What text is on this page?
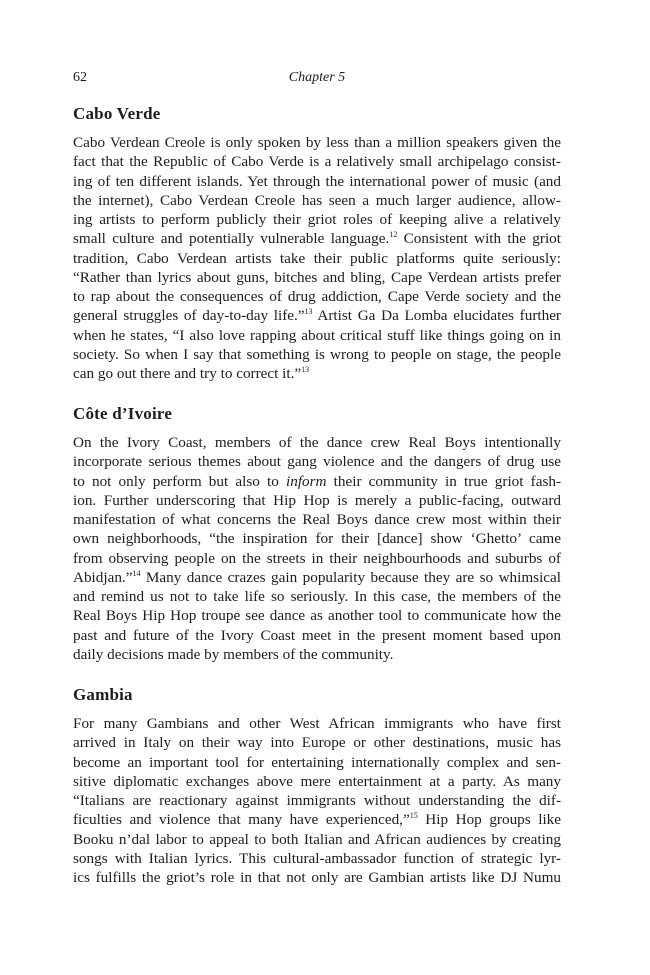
62	Chapter 5
Cabo Verde
Cabo Verdean Creole is only spoken by less than a million speakers given the
fact that the Republic of Cabo Verde is a relatively small archipelago consist-
ing of ten different islands. Yet through the international power of music (and
the internet), Cabo Verdean Creole has seen a much larger audience, allow-
ing artists to perform publicly their griot roles of keeping alive a relatively
small culture and potentially vulnerable language.$^{12}$ Consistent with the griot
tradition, Cabo Verdean artists take their public platforms quite seriously:
“Rather than lyrics about guns, bitches and bling, Cape Verdean artists prefer
to rap about the consequences of drug addiction, Cape Verde society and the
general struggles of day-to-day life.”$^{13}$ Artist Ga Da Lomba elucidates further
when he states, “I also love rapping about critical stuff like things going on in
society. So when I say that something is wrong to people on stage, the people
can go out there and try to correct it.”$^{13}$
Côte d’Ivoire
On the Ivory Coast, members of the dance crew Real Boys intentionally
incorporate serious themes about gang violence and the dangers of drug use
to not only perform but also to inform their community in true griot fash-
ion. Further underscoring that Hip Hop is merely a public-facing, outward
manifestation of what concerns the Real Boys dance crew most within their
own neighborhoods, “the inspiration for their [dance] show ‘Ghetto’ came
from observing people on the streets in their neighbourhoods and suburbs of
Abidjan.”$^{14}$ Many dance crazes gain popularity because they are so whimsical
and remind us not to take life so seriously. In this case, the members of the
Real Boys Hip Hop troupe see dance as another tool to communicate how the
past and future of the Ivory Coast meet in the present moment based upon
daily decisions made by members of the community.
Gambia
For many Gambians and other West African immigrants who have first
arrived in Italy on their way into Europe or other destinations, music has
become an important tool for entertaining internationally complex and sen-
sitive diplomatic exchanges above mere entertainment at a party. As many
“Italians are reactionary against immigrants without understanding the dif-
ficulties and violence that many have experienced,”$^{15}$ Hip Hop groups like
Booku n’dal labor to appeal to both Italian and African audiences by creating
songs with Italian lyrics. This cultural-ambassador function of strategic lyr-
ics fulfills the griot’s role in that not only are Gambian artists like DJ Numu
